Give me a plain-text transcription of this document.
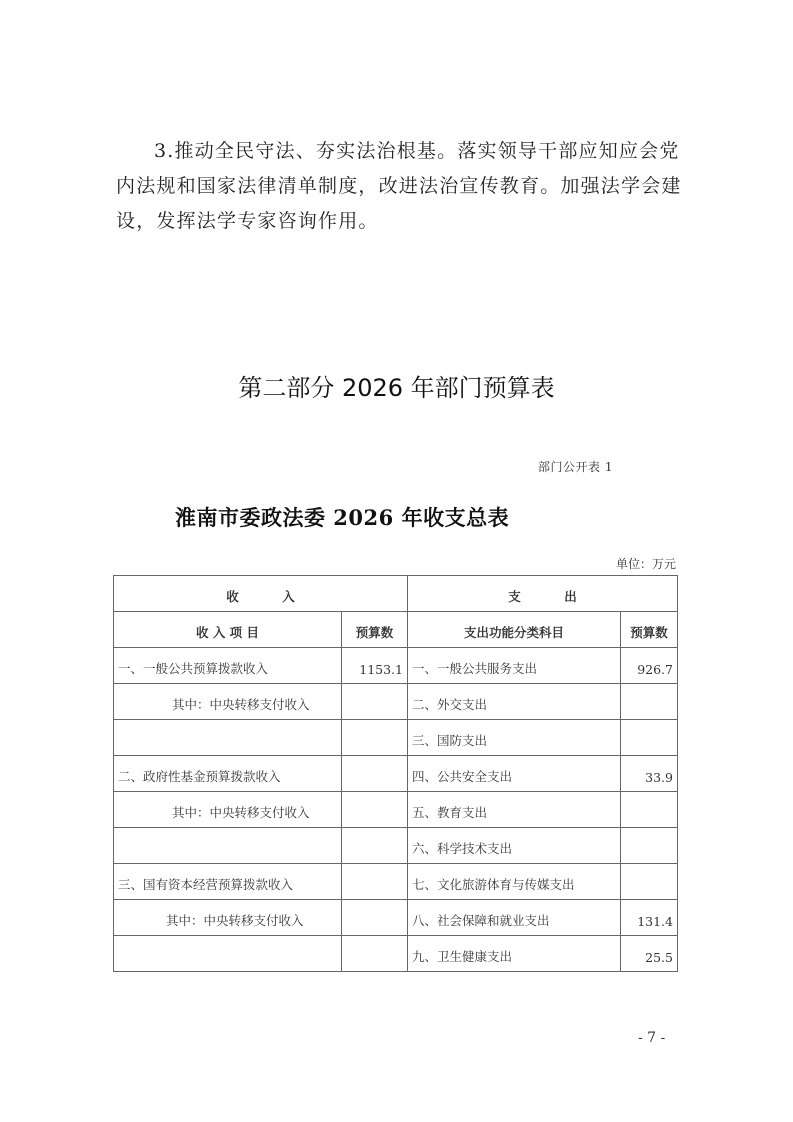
3.推动全民守法、夯实法治根基。落实领导干部应知应会党

内法规和国家法律清单制度，改进法治宣传教育。加强法学会建

设，发挥法学专家咨询作用。

第二部分 2026 年部门预算表
部门公开表 1
淮南市委政法委 2026 年收支总表
单位：万元
收          入		支          出	
收 入 项 目	预算数	支出功能分类科目	预算数
一、一般公共预算拨款收入	1153.1	一、一般公共服务支出	926.7
其中：中央转移支付收入		二、外交支出	
		三、国防支出	
二、政府性基金预算拨款收入		四、公共安全支出	33.9
其中：中央转移支付收入		五、教育支出	
		六、科学技术支出	
三、国有资本经营预算拨款收入		七、文化旅游体育与传媒支出	
其中：中央转移支付收入		八、社会保障和就业支出	131.4
		九、卫生健康支出	25.5
- 7 -
